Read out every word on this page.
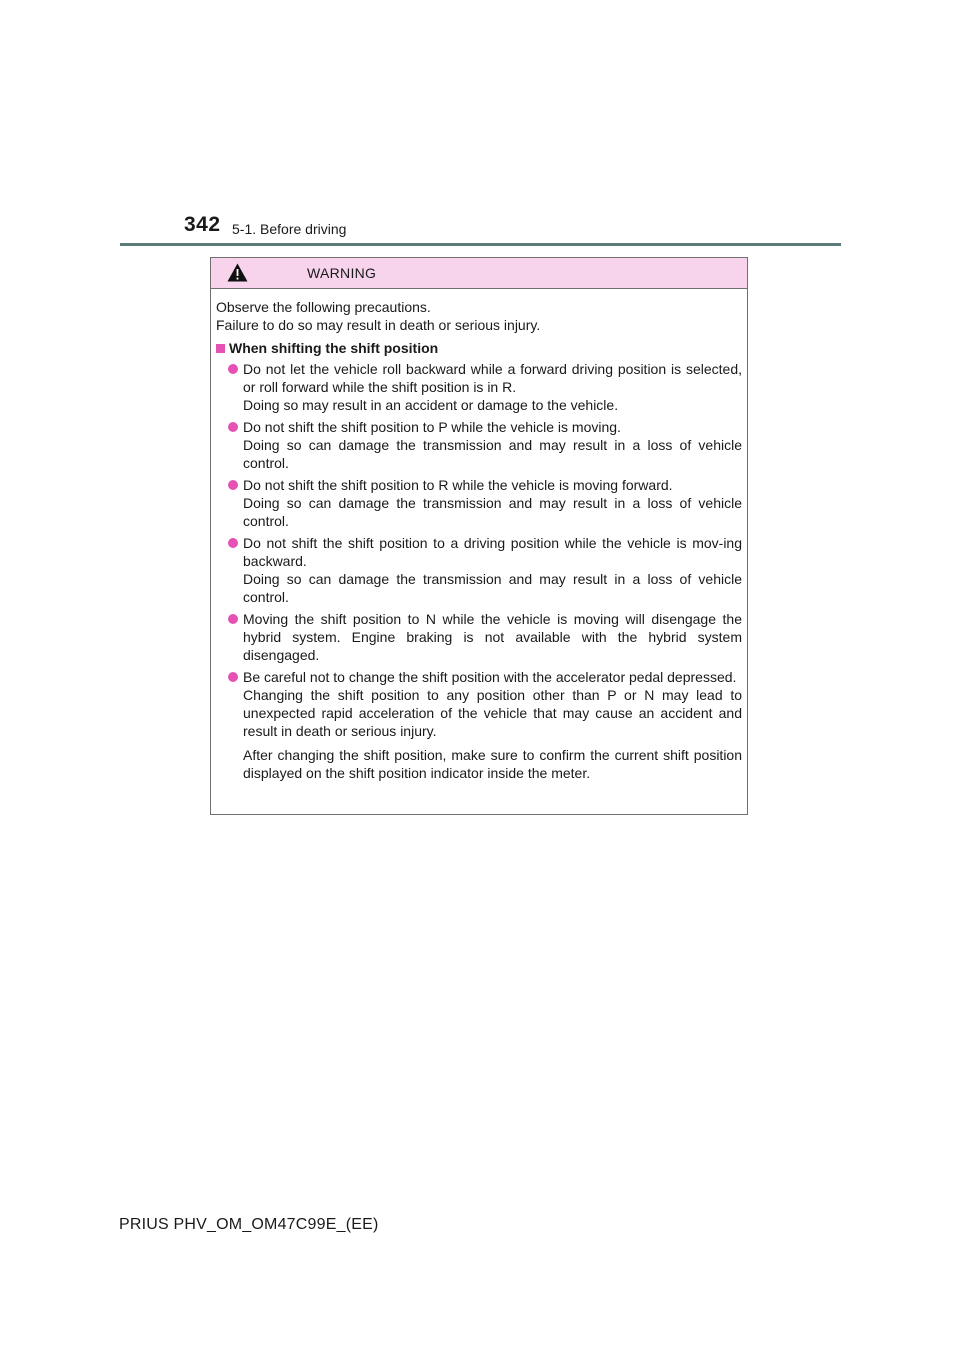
342 5-1. Before driving
WARNING

Observe the following precautions.

Failure to do so may result in death or serious injury.

When shifting the shift position

Do not let the vehicle roll backward while a forward driving position is selected, or roll forward while the shift position is in R.

Doing so may result in an accident or damage to the vehicle.

Do not shift the shift position to P while the vehicle is moving.

Doing so can damage the transmission and may result in a loss of vehicle control.

Do not shift the shift position to R while the vehicle is moving forward.

Doing so can damage the transmission and may result in a loss of vehicle control.

Do not shift the shift position to a driving position while the vehicle is mov-ing backward.

Doing so can damage the transmission and may result in a loss of vehicle control.

Moving the shift position to N while the vehicle is moving will disengage the hybrid system. Engine braking is not available with the hybrid system disengaged.

Be careful not to change the shift position with the accelerator pedal depressed.

Changing the shift position to any position other than P or N may lead to unexpected rapid acceleration of the vehicle that may cause an accident and result in death or serious injury.

After changing the shift position, make sure to confirm the current shift position displayed on the shift position indicator inside the meter.

PRIUS PHV_OM_OM47C99E_(EE)
